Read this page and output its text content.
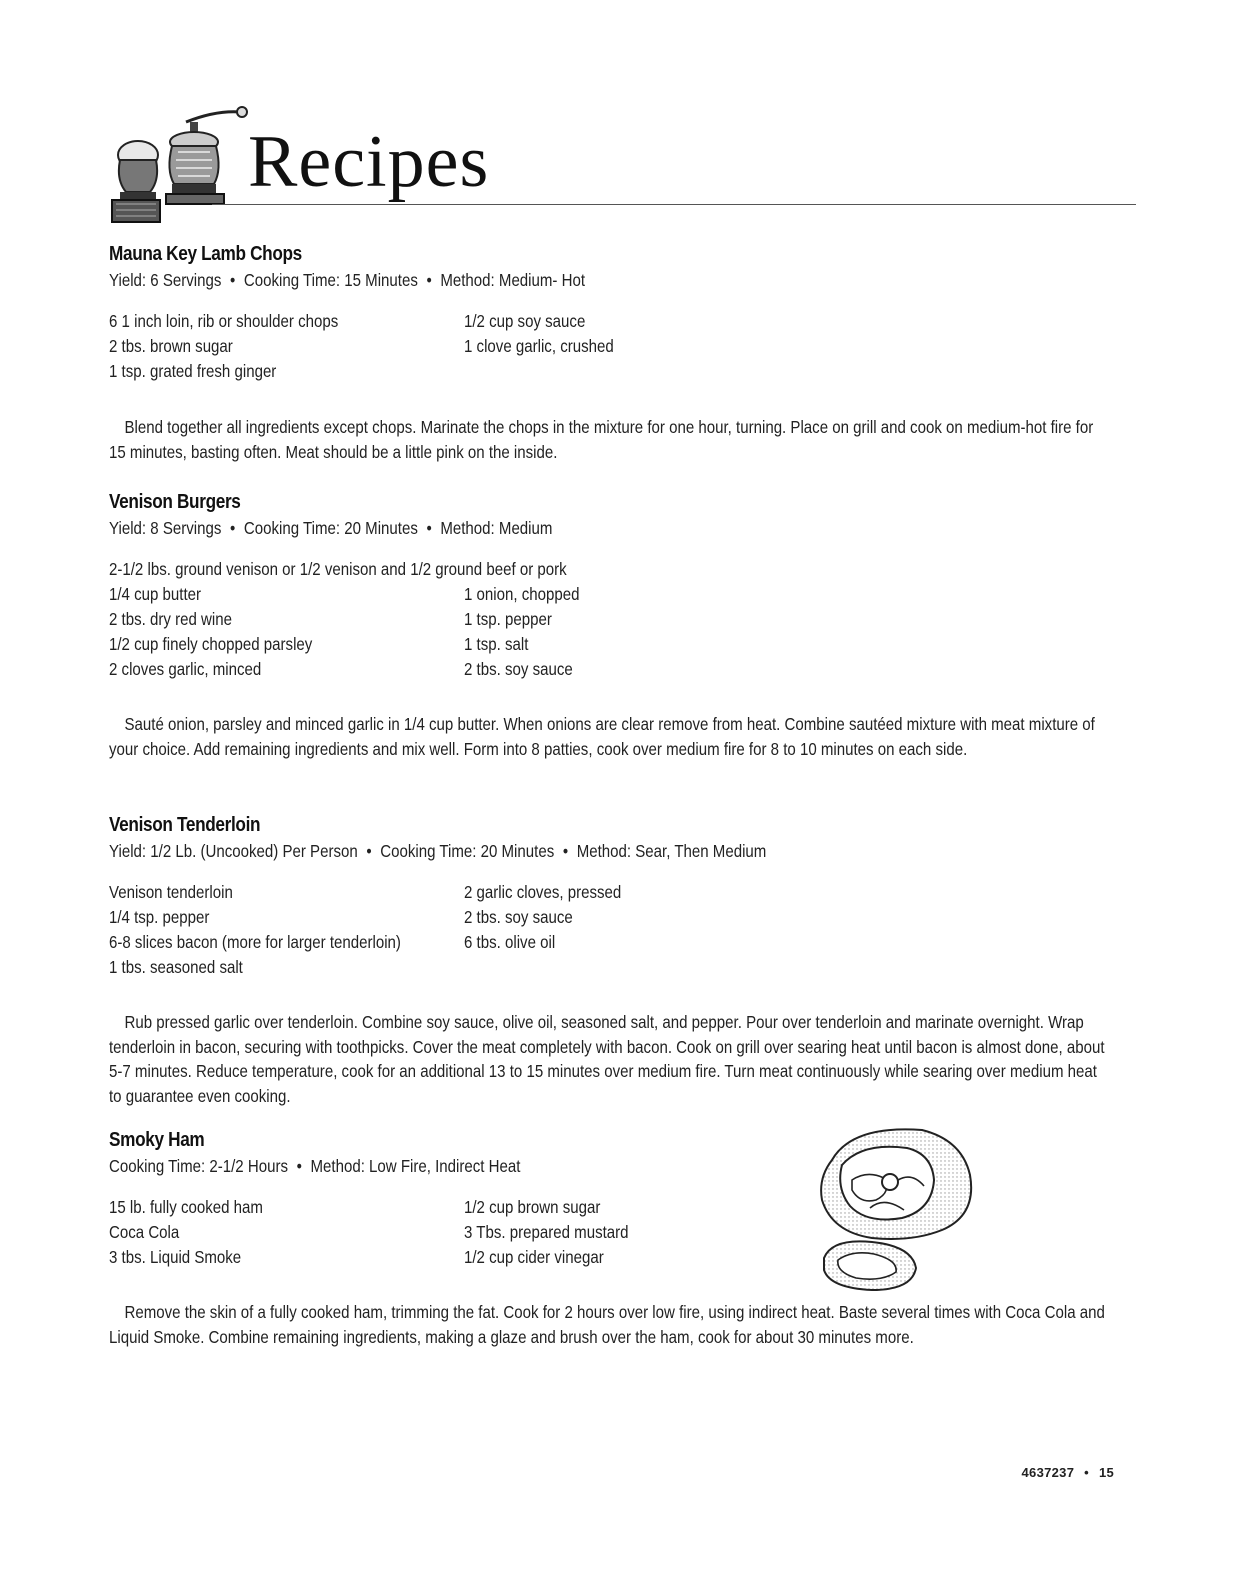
Recipes
Mauna Key Lamb Chops
Yield: 6 Servings • Cooking Time: 15 Minutes • Method: Medium- Hot
6 1 inch loin, rib or shoulder chops
2 tbs. brown sugar
1 tsp. grated fresh ginger
1/2 cup soy sauce
1 clove garlic, crushed
Blend together all ingredients except chops. Marinate the chops in the mixture for one hour, turning. Place on grill and cook on medium-hot fire for 15 minutes, basting often. Meat should be a little pink on the inside.
Venison Burgers
Yield: 8 Servings • Cooking Time: 20 Minutes • Method: Medium
2-1/2 lbs. ground venison or 1/2 venison and 1/2 ground beef or pork
1/4 cup butter
2 tbs. dry red wine
1/2 cup finely chopped parsley
2 cloves garlic, minced
1 onion, chopped
1 tsp. pepper
1 tsp. salt
2 tbs. soy sauce
Sauté onion, parsley and minced garlic in 1/4 cup butter. When onions are clear remove from heat. Combine sautéed mixture with meat mixture of your choice. Add remaining ingredients and mix well. Form into 8 patties, cook over medium fire for 8 to 10 minutes on each side.
Venison Tenderloin
Yield: 1/2 Lb. (Uncooked) Per Person • Cooking Time: 20 Minutes • Method: Sear, Then Medium
Venison tenderloin
1/4 tsp. pepper
6-8 slices bacon (more for larger tenderloin)
1 tbs. seasoned salt
2 garlic cloves, pressed
2 tbs. soy sauce
6 tbs. olive oil
Rub pressed garlic over tenderloin. Combine soy sauce, olive oil, seasoned salt, and pepper. Pour over tenderloin and marinate overnight. Wrap tenderloin in bacon, securing with toothpicks. Cover the meat completely with bacon. Cook on grill over searing heat until bacon is almost done, about 5-7 minutes. Reduce temperature, cook for an additional 13 to 15 minutes over medium fire. Turn meat continuously while searing over medium heat to guarantee even cooking.
Smoky Ham
Cooking Time: 2-1/2 Hours • Method: Low Fire, Indirect Heat
15 lb. fully cooked ham
Coca Cola
3 tbs. Liquid Smoke
1/2 cup brown sugar
3 Tbs. prepared mustard
1/2 cup cider vinegar
Remove the skin of a fully cooked ham, trimming the fat. Cook for 2 hours over low fire, using indirect heat. Baste several times with Coca Cola and Liquid Smoke. Combine remaining ingredients, making a glaze and brush over the ham, cook for about 30 minutes more.
4637237 • 15
